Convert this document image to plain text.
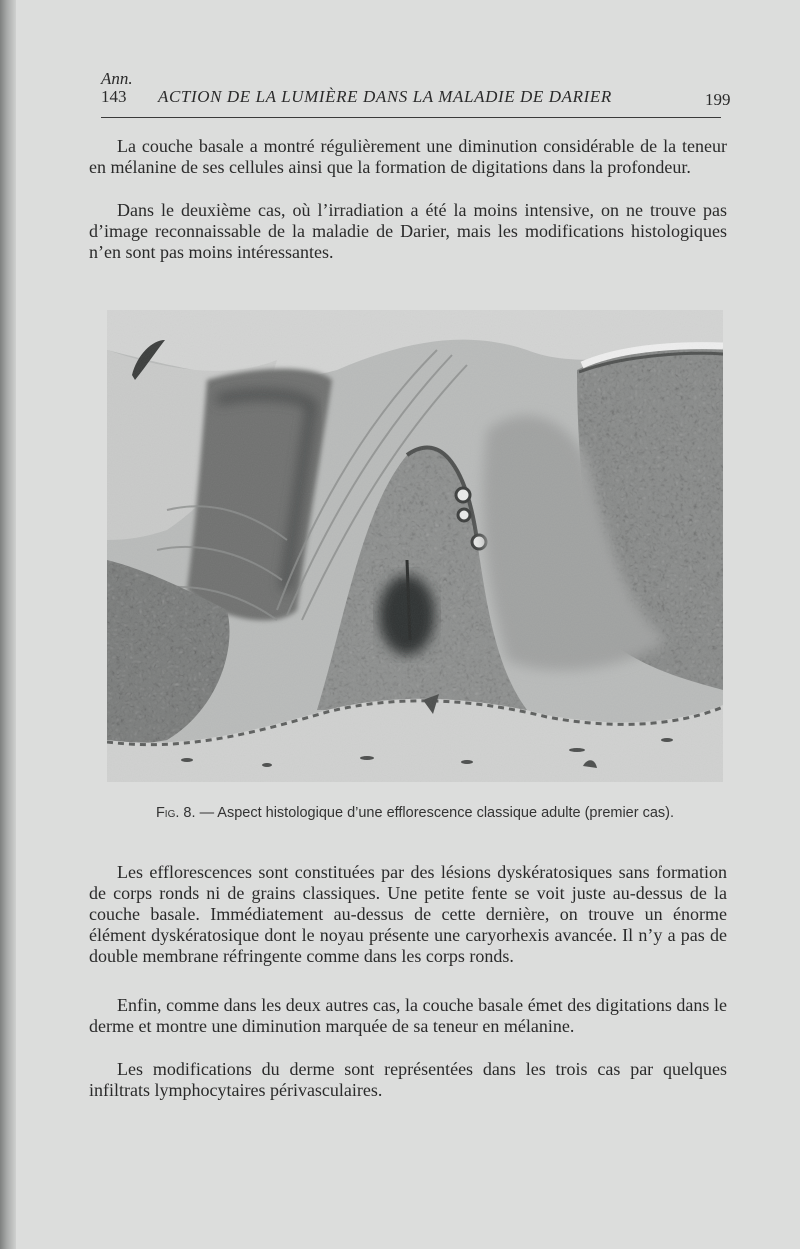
Ann.
143 ACTION DE LA LUMIÈRE DANS LA MALADIE DE DARIER	199

La couche basale a montré régulièrement une diminution considérable de la teneur en mélanine de ses cellules ainsi que la formation de digitations dans la profondeur.

Dans le deuxième cas, où l’irradiation a été la moins intensive, on ne trouve pas d’image reconnaissable de la maladie de Darier, mais les modifications histologiques n’en sont pas moins intéressantes.

Fig. 8. — Aspect histologique d’une efflorescence classique adulte (premier cas).

Les efflorescences sont constituées par des lésions dyskératosiques sans formation de corps ronds ni de grains classiques. Une petite fente se voit juste au-dessus de la couche basale. Immédiatement au-dessus de cette dernière, on trouve un énorme élément dyskératosique dont le noyau présente une caryorhexis avancée. Il n’y a pas de double membrane réfringente comme dans les corps ronds.

Enfin, comme dans les deux autres cas, la couche basale émet des digitations dans le derme et montre une diminution marquée de sa teneur en mélanine.

Les modifications du derme sont représentées dans les trois cas par quelques infiltrats lymphocytaires périvasculaires.
